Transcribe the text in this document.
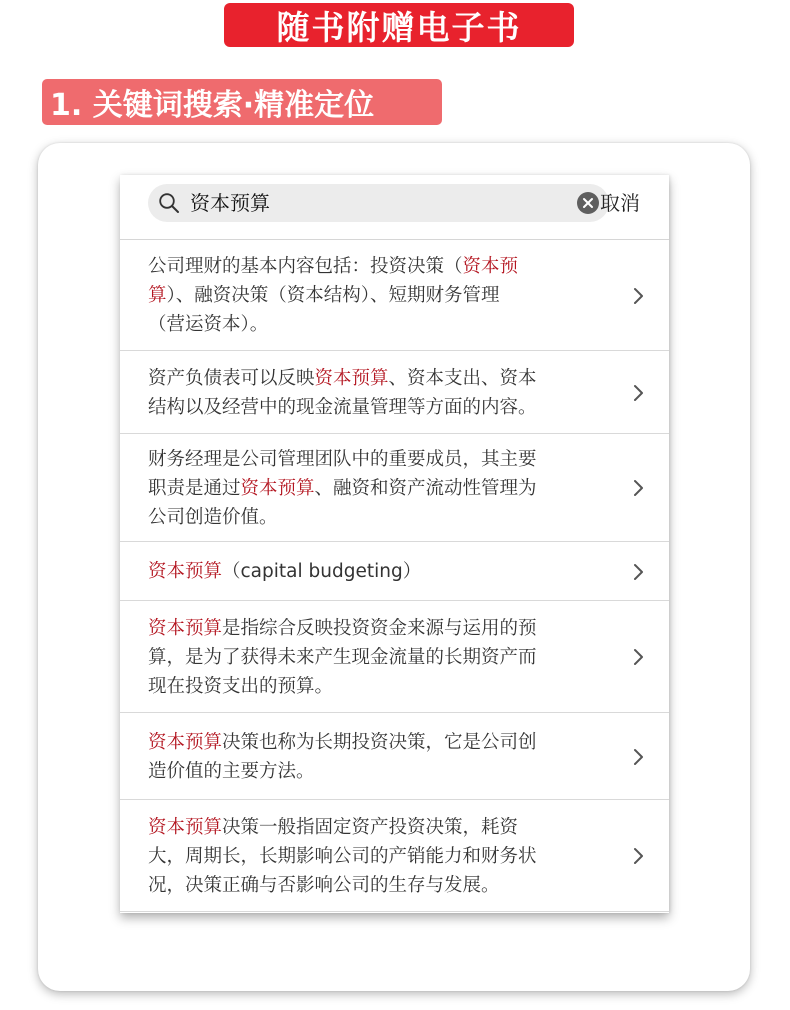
随书附赠电子书
1. 关键词搜索·精准定位
资本预算	取消
公司理财的基本内容包括：投资决策（资本预
算）、融资决策（资本结构）、短期财务管理
（营运资本）。
资产负债表可以反映资本预算、资本支出、资本
结构以及经营中的现金流量管理等方面的内容。
财务经理是公司管理团队中的重要成员，其主要
职责是通过资本预算、融资和资产流动性管理为
公司创造价值。
资本预算（capital budgeting）
资本预算是指综合反映投资资金来源与运用的预
算，是为了获得未来产生现金流量的长期资产而
现在投资支出的预算。
资本预算决策也称为长期投资决策，它是公司创
造价值的主要方法。
资本预算决策一般指固定资产投资决策，耗资
大，周期长，长期影响公司的产销能力和财务状
况，决策正确与否影响公司的生存与发展。
